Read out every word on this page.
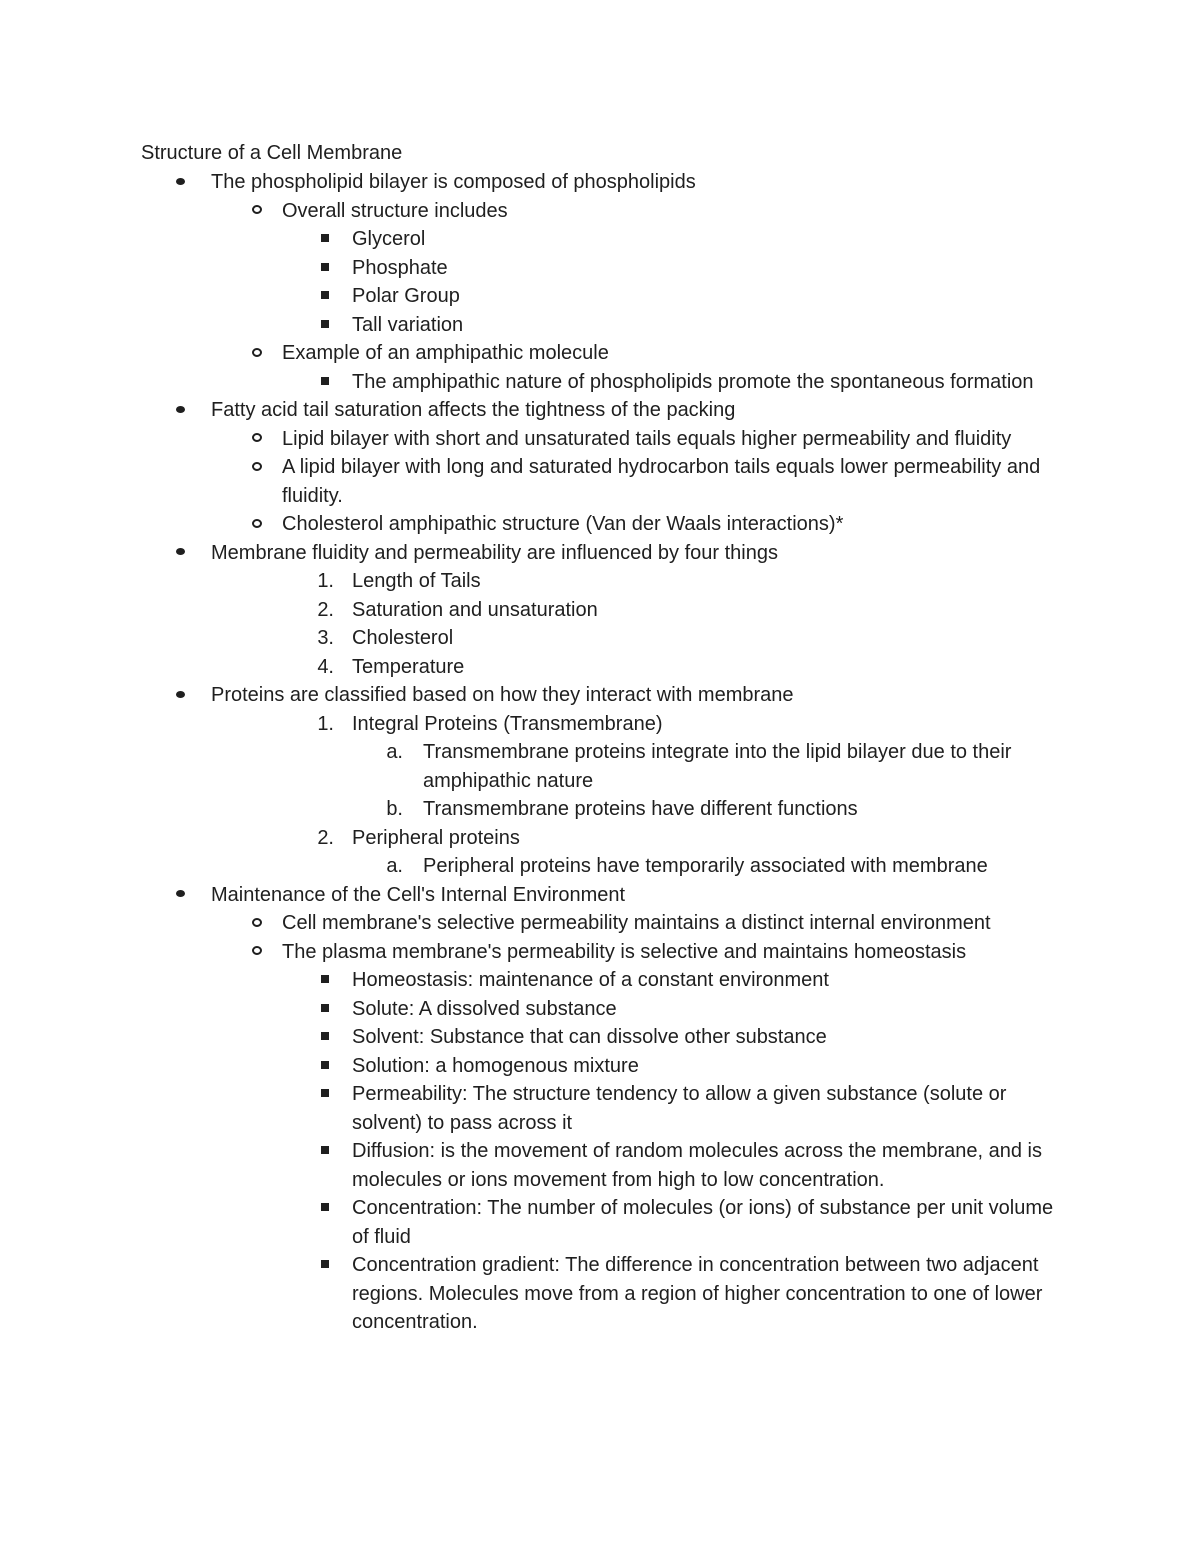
Structure of a Cell Membrane
The phospholipid bilayer is composed of phospholipids
Overall structure includes
Glycerol
Phosphate
Polar Group
Tall variation
Example of an amphipathic molecule
The amphipathic nature of phospholipids promote the spontaneous formation
Fatty acid tail saturation affects the tightness of the packing
Lipid bilayer with short and unsaturated tails equals higher permeability and fluidity
A lipid bilayer with long and saturated hydrocarbon tails equals lower permeability and fluidity.
Cholesterol amphipathic structure (Van der Waals interactions)*
Membrane fluidity and permeability are influenced by four things
1. Length of Tails
2. Saturation and unsaturation
3. Cholesterol
4. Temperature
Proteins are classified based on how they interact with membrane
1. Integral Proteins (Transmembrane)
a. Transmembrane proteins integrate into the lipid bilayer due to their amphipathic nature
b. Transmembrane proteins have different functions
2. Peripheral proteins
a. Peripheral proteins have temporarily associated with membrane
Maintenance of the Cell's Internal Environment
Cell membrane's selective permeability maintains a distinct internal environment
The plasma membrane's permeability is selective and maintains homeostasis
Homeostasis: maintenance of a constant environment
Solute: A dissolved substance
Solvent: Substance that can dissolve other substance
Solution: a homogenous mixture
Permeability: The structure tendency to allow a given substance (solute or solvent) to pass across it
Diffusion: is the movement of random molecules across the membrane, and is molecules or ions movement from high to low concentration.
Concentration: The number of molecules (or ions) of substance per unit volume of fluid
Concentration gradient: The difference in concentration between two adjacent regions. Molecules move from a region of higher concentration to one of lower concentration.
